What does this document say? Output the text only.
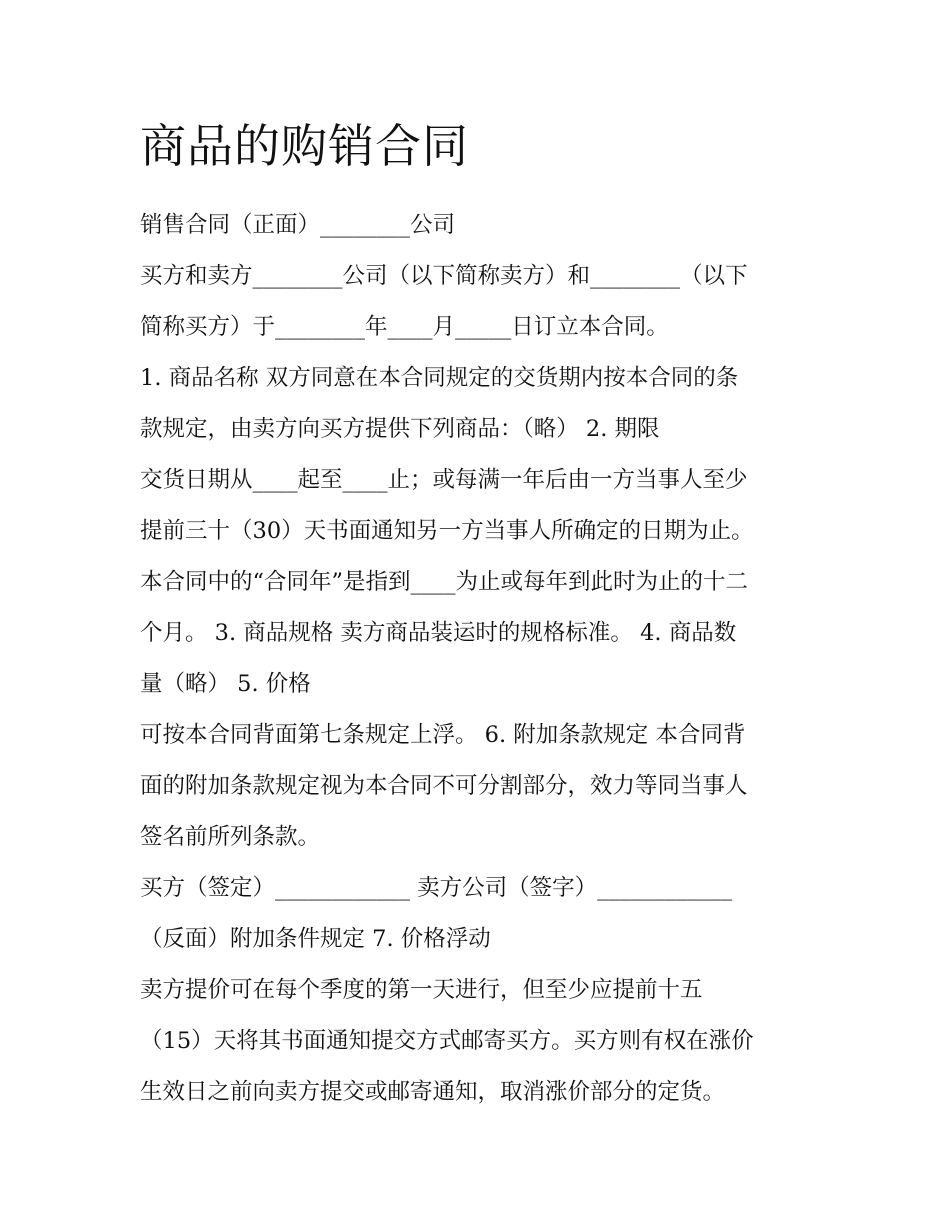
商品的购销合同

销售合同（正面）________公司

买方和卖方________公司（以下简称卖方）和________（以下

简称买方）于________年____月_____日订立本合同。

1. 商品名称 双方同意在本合同规定的交货期内按本合同的条

款规定，由卖方向买方提供下列商品：（略） 2. 期限

交货日期从____起至____止；或每满一年后由一方当事人至少

提前三十（30）天书面通知另一方当事人所确定的日期为止。

本合同中的“合同年”是指到____为止或每年到此时为止的十二

个月。 3. 商品规格 卖方商品装运时的规格标准。 4. 商品数

量（略） 5. 价格

可按本合同背面第七条规定上浮。 6. 附加条款规定 本合同背

面的附加条款规定视为本合同不可分割部分，效力等同当事人

签名前所列条款。

买方（签定）____________ 卖方公司（签字）____________

（反面）附加条件规定 7. 价格浮动

卖方提价可在每个季度的第一天进行，但至少应提前十五

（15）天将其书面通知提交方式邮寄买方。买方则有权在涨价

生效日之前向卖方提交或邮寄通知，取消涨价部分的定货。
